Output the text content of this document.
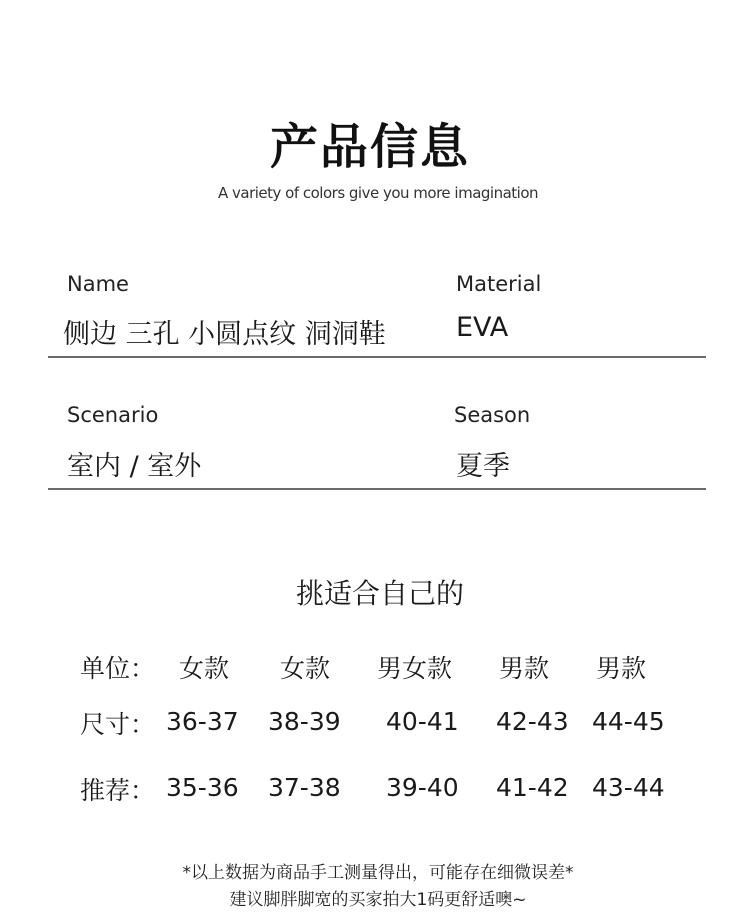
产品信息
A variety of colors give you more imagination
Name
侧边 三孔 小圆点纹 洞洞鞋
Material
EVA
Scenario
室内 / 室外
Season
夏季
挑适合自己的
单位：
尺寸：
推荐：
女款
36-37
35-36
女款
38-39
37-38
男女款
40-41
39-40
男款
42-43
41-42
男款
44-45
43-44
*以上数据为商品手工测量得出，可能存在细微误差*
建议脚胖脚宽的买家拍大1码更舒适噢~
